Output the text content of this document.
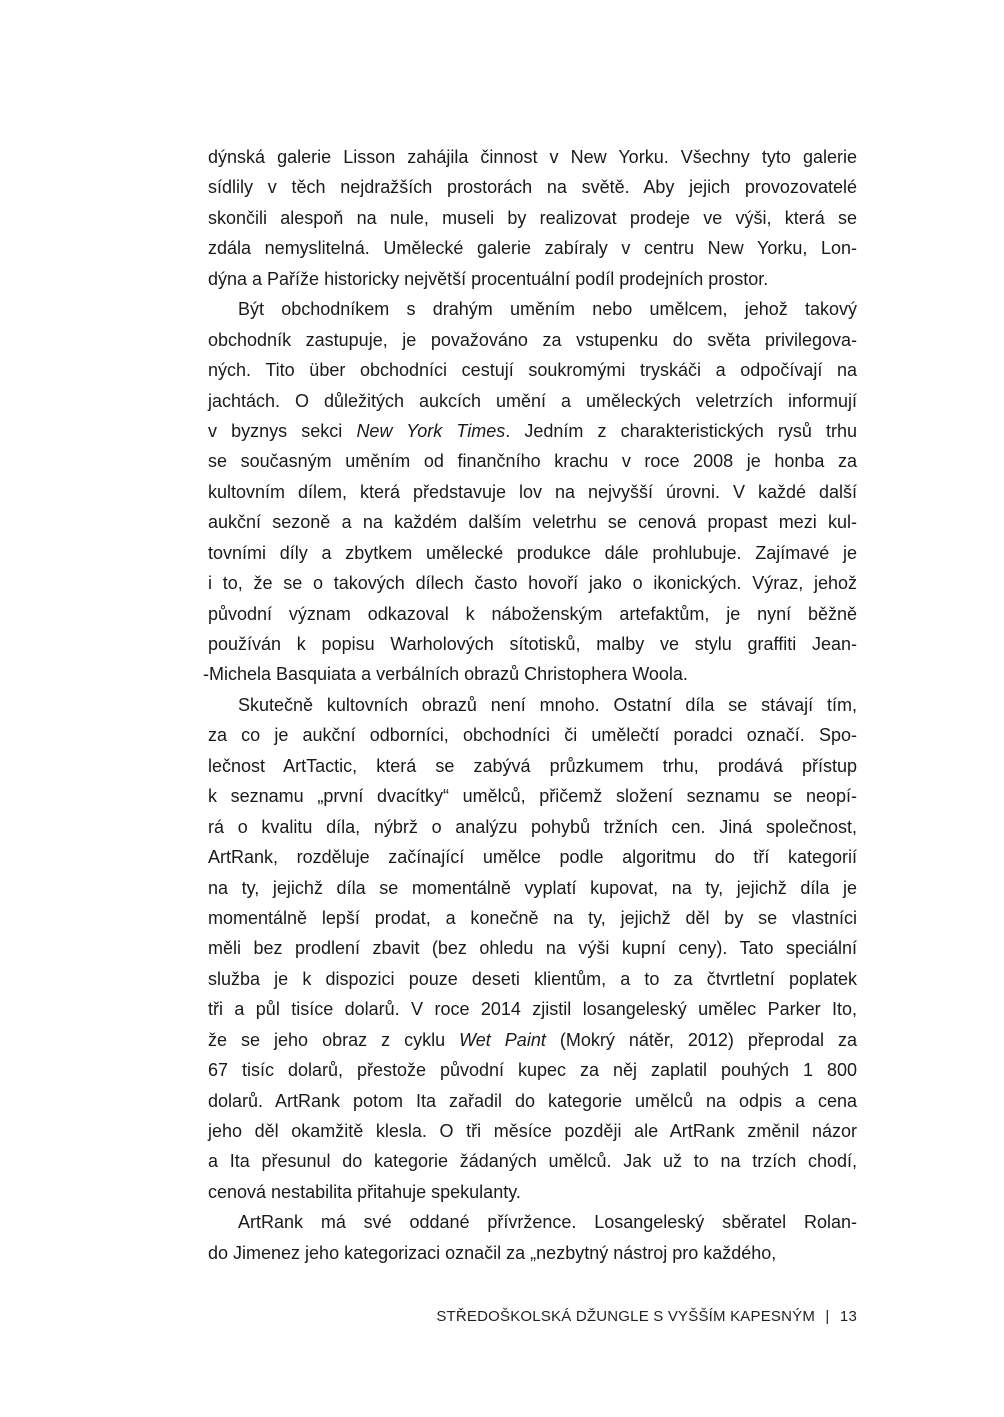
dýnská galerie Lisson zahájila činnost v New Yorku. Všechny tyto galerie
sídlily v těch nejdražších prostorách na světě. Aby jejich provozovatelé
skončili alespoň na nule, museli by realizovat prodeje ve výši, která se
zdála nemyslitelná. Umělecké galerie zabíraly v centru New Yorku, Lon-
dýna a Paříže historicky největší procentuální podíl prodejních prostor.
Být obchodníkem s drahým uměním nebo umělcem, jehož takový
obchodník zastupuje, je považováno za vstupenku do světa privilegova-
ných. Tito über obchodníci cestují soukromými tryskáči a odpočívají na
jachtách. O důležitých aukcích umění a uměleckých veletrzích informují
v byznys sekci New York Times. Jedním z charakteristických rysů trhu
se současným uměním od finančního krachu v roce 2008 je honba za
kultovním dílem, která představuje lov na nejvyšší úrovni. V každé další
aukční sezoně a na každém dalším veletrhu se cenová propast mezi kul-
tovními díly a zbytkem umělecké produkce dále prohlubuje. Zajímavé je
i to, že se o takových dílech často hovoří jako o ikonických. Výraz, jehož
původní význam odkazoval k náboženským artefaktům, je nyní běžně
používán k popisu Warholových sítotisků, malby ve stylu graffiti Jean-
-Michela Basquiata a verbálních obrazů Christophera Woola.
Skutečně kultovních obrazů není mnoho. Ostatní díla se stávají tím,
za co je aukční odborníci, obchodníci či umělečtí poradci označí. Spo-
lečnost ArtTactic, která se zabývá průzkumem trhu, prodává přístup
k seznamu „první dvacítky“ umělců, přičemž složení seznamu se neopí-
rá o kvalitu díla, nýbrž o analýzu pohybů tržních cen. Jiná společnost,
ArtRank, rozděluje začínající umělce podle algoritmu do tří kategorií
na ty, jejichž díla se momentálně vyplatí kupovat, na ty, jejichž díla je
momentálně lepší prodat, a konečně na ty, jejichž děl by se vlastníci
měli bez prodlení zbavit (bez ohledu na výši kupní ceny). Tato speciální
služba je k dispozici pouze deseti klientům, a to za čtvrtletní poplatek
tři a půl tisíce dolarů. V roce 2014 zjistil losangeleský umělec Parker Ito,
že se jeho obraz z cyklu Wet Paint (Mokrý nátěr, 2012) přeprodal za
67 tisíc dolarů, přestože původní kupec za něj zaplatil pouhých 1 800
dolarů. ArtRank potom Ita zařadil do kategorie umělců na odpis a cena
jeho děl okamžitě klesla. O tři měsíce později ale ArtRank změnil názor
a Ita přesunul do kategorie žádaných umělců. Jak už to na trzích chodí,
cenová nestabilita přitahuje spekulanty.
ArtRank má své oddané přívržence. Losangeleský sběratel Rolan-
do Jimenez jeho kategorizaci označil za „nezbytný nástroj pro každého,
STŘEDOŠKOLSKÁ DŽUNGLE S VYŠŠÍM KAPESNÝM | 13
